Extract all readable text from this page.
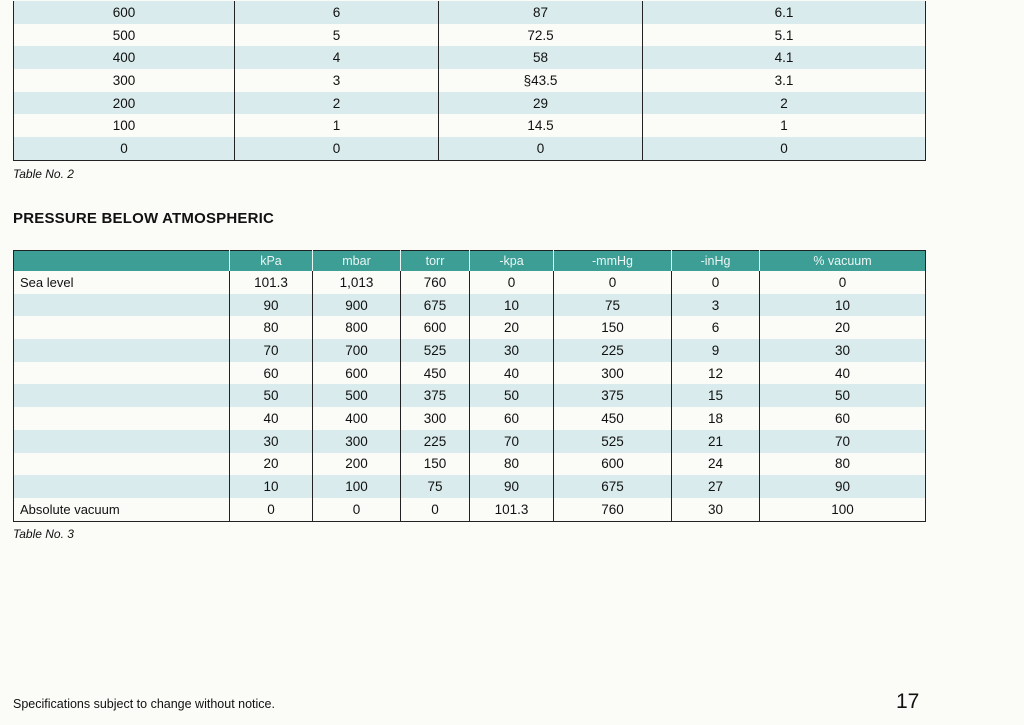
600	6	87	6.1
500	5	72.5	5.1
400	4	58	4.1
300	3	§43.5	3.1
200	2	29	2
100	1	14.5	1
0	0	0	0
Table No. 2
PRESSURE BELOW ATMOSPHERIC
	kPa	mbar	torr	-kpa	-mmHg	-inHg	% vacuum
Sea level	101.3	1,013	760	0	0	0	0
	90	900	675	10	75	3	10
	80	800	600	20	150	6	20
	70	700	525	30	225	9	30
	60	600	450	40	300	12	40
	50	500	375	50	375	15	50
	40	400	300	60	450	18	60
	30	300	225	70	525	21	70
	20	200	150	80	600	24	80
	10	100	75	90	675	27	90
Absolute vacuum	0	0	0	101.3	760	30	100
Table No. 3
Specifications subject to change without notice.	17
